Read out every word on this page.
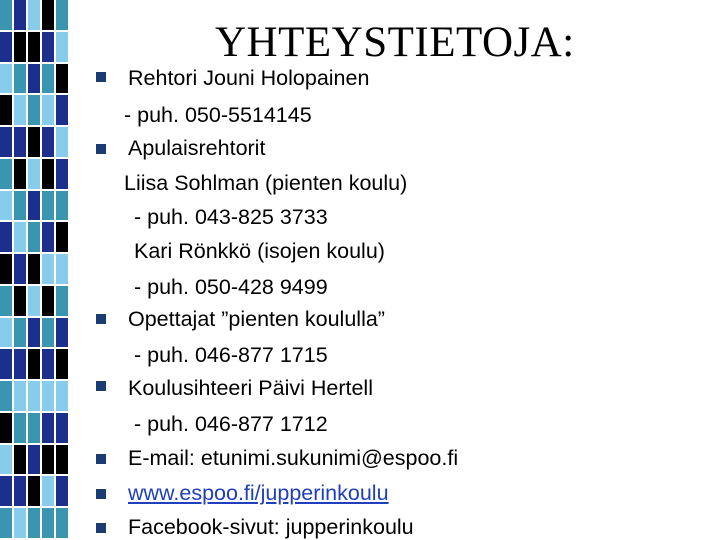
YHTEYSTIETOJA:
Rehtori Jouni Holopainen
- puh. 050-5514145
Apulaisrehtorit
Liisa Sohlman (pienten koulu)
- puh. 043-825 3733
Kari Rönkkö (isojen koulu)
- puh. 050-428 9499
Opettajat ”pienten koululla”
- puh. 046-877 1715
Koulusihteeri Päivi Hertell
- puh. 046-877 1712
E-mail: etunimi.sukunimi@espoo.fi
www.espoo.fi/jupperinkoulu
Facebook-sivut: jupperinkoulu
